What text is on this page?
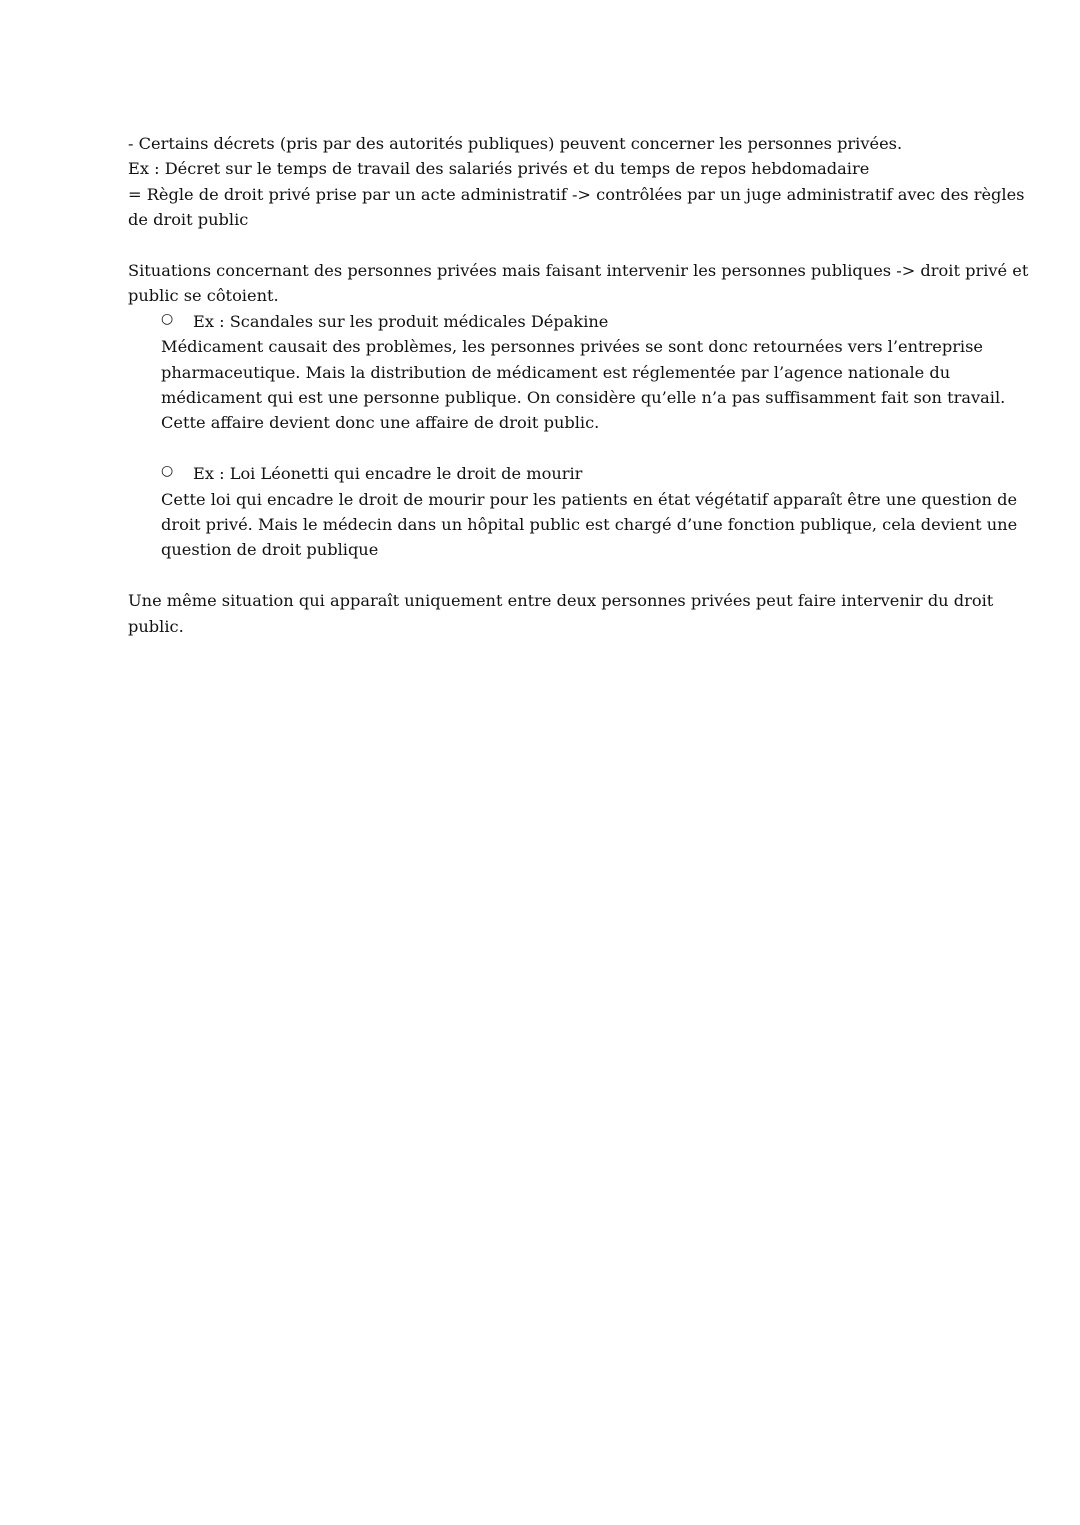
- Certains décrets (pris par des autorités publiques) peuvent concerner les personnes privées.
Ex : Décret sur le temps de travail des salariés privés et du temps de repos hebdomadaire
= Règle de droit privé prise par un acte administratif -> contrôlées par un juge administratif avec des règles
de droit public
Situations concernant des personnes privées mais faisant intervenir les personnes publiques -> droit privé et
public se côtoient.
○ Ex : Scandales sur les produit médicales Dépakine
Médicament causait des problèmes, les personnes privées se sont donc retournées vers l’entreprise
pharmaceutique. Mais la distribution de médicament est réglementée par l’agence nationale du
médicament qui est une personne publique. On considère qu’elle n’a pas suffisamment fait son travail.
Cette affaire devient donc une affaire de droit public.
○ Ex : Loi Léonetti qui encadre le droit de mourir
Cette loi qui encadre le droit de mourir pour les patients en état végétatif apparaît être une question de
droit privé. Mais le médecin dans un hôpital public est chargé d’une fonction publique, cela devient une
question de droit publique
Une même situation qui apparaît uniquement entre deux personnes privées peut faire intervenir du droit
public.
